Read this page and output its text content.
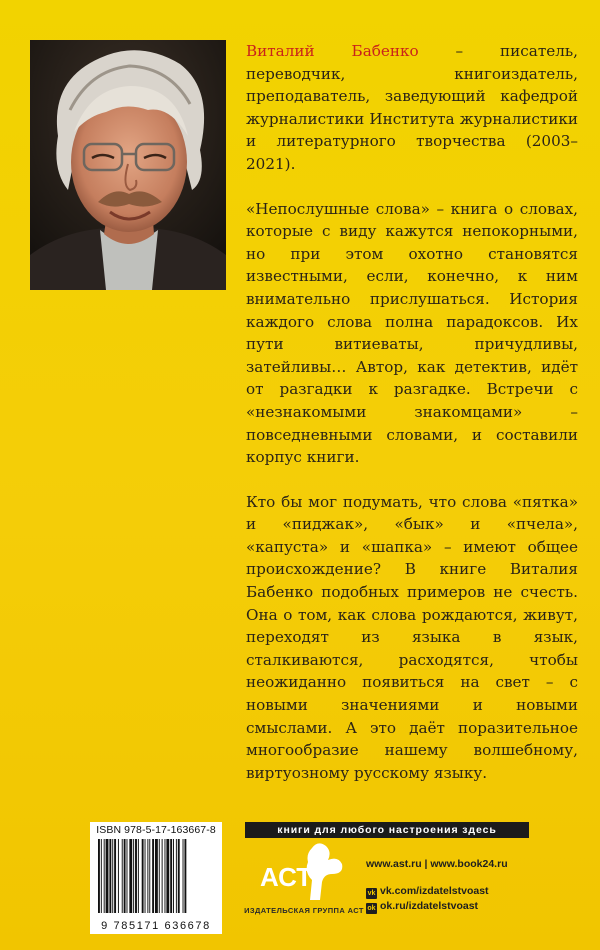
Виталий Бабенко – писатель, переводчик, книгоиздатель, преподаватель, заведующий кафедрой журналистики Института журналистики и литературного творчества (2003–2021).

«Непослушные слова» – книга о словах, которые с виду кажутся непокорными, но при этом охотно становятся известными, если, конечно, к ним внимательно прислушаться. История каждого слова полна парадоксов. Их пути витиеваты, причудливы, затейливы… Автор, как детектив, идёт от разгадки к разгадке. Встречи с «незнакомыми знакомцами» – повседневными словами, и составили корпус книги.

Кто бы мог подумать, что слова «пятка» и «пиджак», «бык» и «пчела», «капуста» и «шапка» – имеют общее происхождение? В книге Виталия Бабенко подобных примеров не счесть. Она о том, как слова рождаются, живут, переходят из языка в язык, сталкиваются, расходятся, чтобы неожиданно появиться на свет – с новыми значениями и новыми смыслами. А это даёт поразительное многообразие нашему волшебному, виртуозному русскому языку.

ISBN 978-5-17-163667-8
9 785171 636678
книги для любого настроения здесь
АСТ
ИЗДАТЕЛЬСКАЯ ГРУППА АСТ
www.ast.ru | www.book24.ru
vk vk.com/izdatelstvoast
ok ok.ru/izdatelstvoast
